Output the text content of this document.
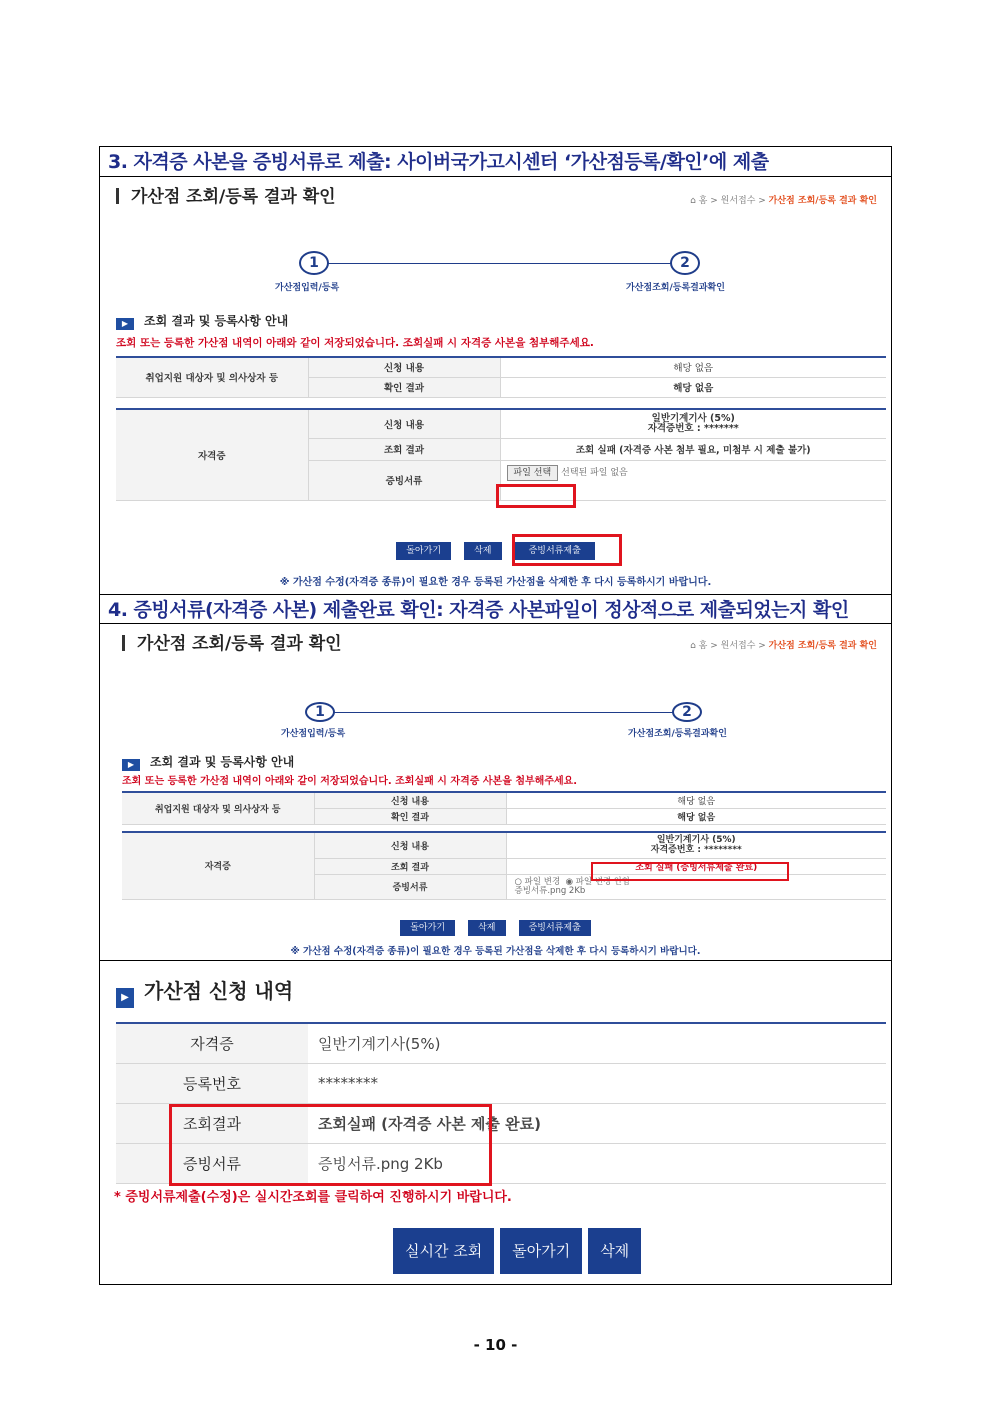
3. 자격증 사본을 증빙서류로 제출: 사이버국가고시센터 ‘가산점등록/확인’에 제출
가산점 조회/등록 결과 확인	⌂ 홈 > 원서접수 > 가산점 조회/등록 결과 확인
1	2
가산점입력/등록	가산점조회/등록결과확인
▶ 조회 결과 및 등록사항 안내
조회 또는 등록한 가산점 내역이 아래와 같이 저장되었습니다. 조회실패 시 자격증 사본을 첨부해주세요.
취업지원 대상자 및 의사상자 등	신청 내용	해당 없음
	확인 결과	해당 없음

자격증	신청 내용	일반기계기사 (5%)
자격증번호 : *******

	조회 결과	조회 실패 (자격증 사본 첨부 필요, 미첨부 시 제출 불가)
	증빙서류	파일 선택 선택된 파일 없음
돌아가기	삭제	증빙서류제출
※ 가산점 수정(자격증 종류)이 필요한 경우 등록된 가산점을 삭제한 후 다시 등록하시기 바랍니다.
4. 증빙서류(자격증 사본) 제출완료 확인: 자격증 사본파일이 정상적으로 제출되었는지 확인
가산점 조회/등록 결과 확인	⌂ 홈 > 원서접수 > 가산점 조회/등록 결과 확인
1	2
가산점입력/등록	가산점조회/등록결과확인
▶ 조회 결과 및 등록사항 안내
조회 또는 등록한 가산점 내역이 아래와 같이 저장되었습니다. 조회실패 시 자격증 사본을 첨부해주세요.
취업지원 대상자 및 의사상자 등	신청 내용	해당 없음
	확인 결과	해당 없음

자격증	신청 내용	일반기계기사 (5%)
자격증번호 : ********

	조회 결과	조회 실패 (증빙서류제출 완료)
	증빙서류	○ 파일 변경 ◉ 파일 변경 안함
증빙서류.png 2Kb
돌아가기	삭제	증빙서류제출
※ 가산점 수정(자격증 종류)이 필요한 경우 등록된 가산점을 삭제한 후 다시 등록하시기 바랍니다.
▶ 가산점 신청 내역
자격증	일반기계기사(5%)
등록번호	********
조회결과	조회실패 (자격증 사본 제출 완료)
증빙서류	증빙서류.png 2Kb
* 증빙서류제출(수정)은 실시간조회를 클릭하여 진행하시기 바랍니다.
실시간 조회 돌아가기 삭제
- 10 -
